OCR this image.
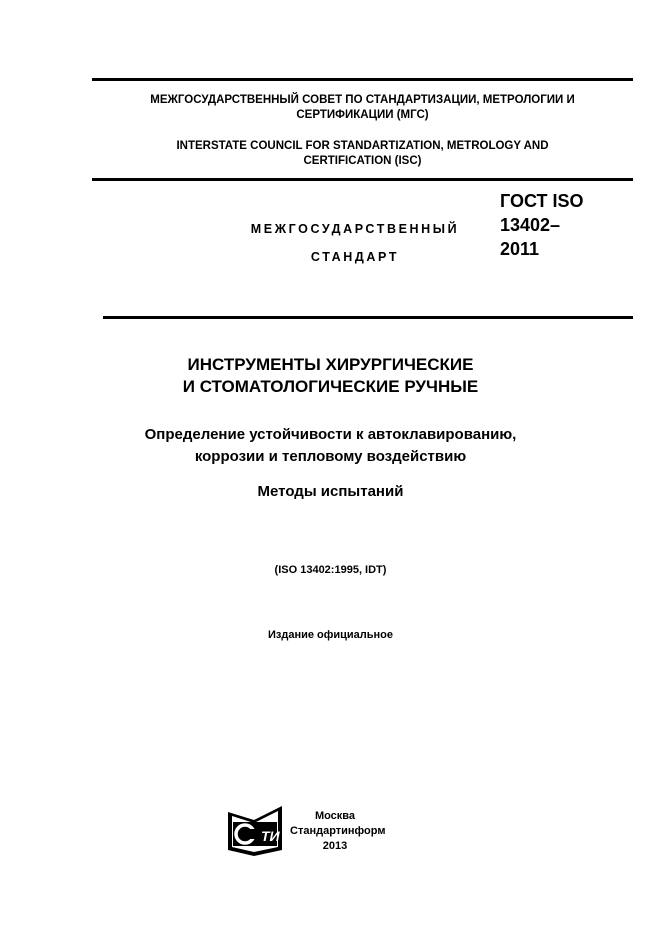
МЕЖГОСУДАРСТВЕННЫЙ СОВЕТ ПО СТАНДАРТИЗАЦИИ, МЕТРОЛОГИИ И
СЕРТИФИКАЦИИ (МГС)
INTERSTATE COUNCIL FOR STANDARTIZATION, METROLOGY AND
CERTIFICATION (ISC)
МЕЖГОСУДАРСТВЕННЫЙ
СТАНДАРТ
ГОСТ ISO
13402–
2011
ИНСТРУМЕНТЫ ХИРУРГИЧЕСКИЕ
И СТОМАТОЛОГИЧЕСКИЕ РУЧНЫЕ
Определение устойчивости к автоклавированию,
коррозии и тепловому воздействию
Методы испытаний
(ISO 13402:1995, IDT)
Издание официальное
ТИ
Москва
Стандартинформ
2013
